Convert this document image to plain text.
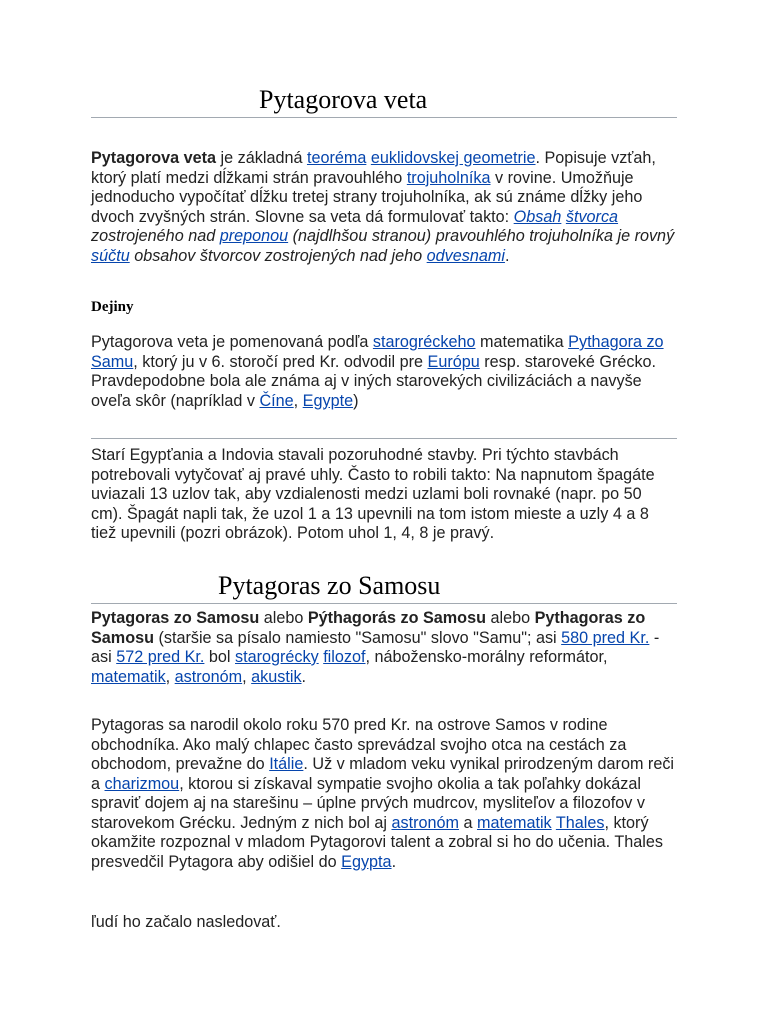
Pytagorova veta

Pytagorova veta je základná teoréma euklidovskej geometrie. Popisuje vzťah, ktorý platí medzi dĺžkami strán pravouhlého trojuholníka v rovine. Umožňuje jednoducho vypočítať dĺžku tretej strany trojuholníka, ak sú známe dĺžky jeho dvoch zvyšných strán. Slovne sa veta dá formulovať takto: Obsah štvorca zostrojeného nad preponou (najdlhšou stranou) pravouhlého trojuholníka je rovný súčtu obsahov štvorcov zostrojených nad jeho odvesnami.

Dejiny

Pytagorova veta je pomenovaná podľa starogréckeho matematika Pythagora zo Samu, ktorý ju v 6. storočí pred Kr. odvodil pre Európu resp. staroveké Grécko. Pravdepodobne bola ale známa aj v iných starovekých civilizáciách a navyše oveľa skôr (napríklad v Číne, Egypte)

Starí Egypťania a Indovia stavali pozoruhodné stavby. Pri týchto stavbách potrebovali vytyčovať aj pravé uhly. Často to robili takto: Na napnutom špagáte uviazali 13 uzlov tak, aby vzdialenosti medzi uzlami boli rovnaké (napr. po 50 cm). Špagát napli tak, že uzol 1 a 13 upevnili na tom istom mieste a uzly 4 a 8 tiež upevnili (pozri obrázok). Potom uhol 1, 4, 8 je pravý.

Pytagoras zo Samosu

Pytagoras zo Samosu alebo Pýthagorás zo Samosu alebo Pythagoras zo Samosu (staršie sa písalo namiesto "Samosu" slovo "Samu"; asi 580 pred Kr. - asi 572 pred Kr. bol starogrécky filozof, nábožensko-morálny reformátor, matematik, astronóm, akustik.

Pytagoras sa narodil okolo roku 570 pred Kr. na ostrove Samos v rodine obchodníka. Ako malý chlapec často sprevádzal svojho otca na cestách za obchodom, prevažne do Itálie. Už v mladom veku vynikal prirodzeným darom reči a charizmou, ktorou si získaval sympatie svojho okolia a tak poľahky dokázal spraviť dojem aj na starešinu – úplne prvých mudrcov, mysliteľov a filozofov v starovekom Grécku. Jedným z nich bol aj astronóm a matematik Thales, ktorý okamžite rozpoznal v mladom Pytagorovi talent a zobral si ho do učenia. Thales presvedčil Pytagora aby odišiel do Egypta.

ľudí ho začalo nasledovať.
